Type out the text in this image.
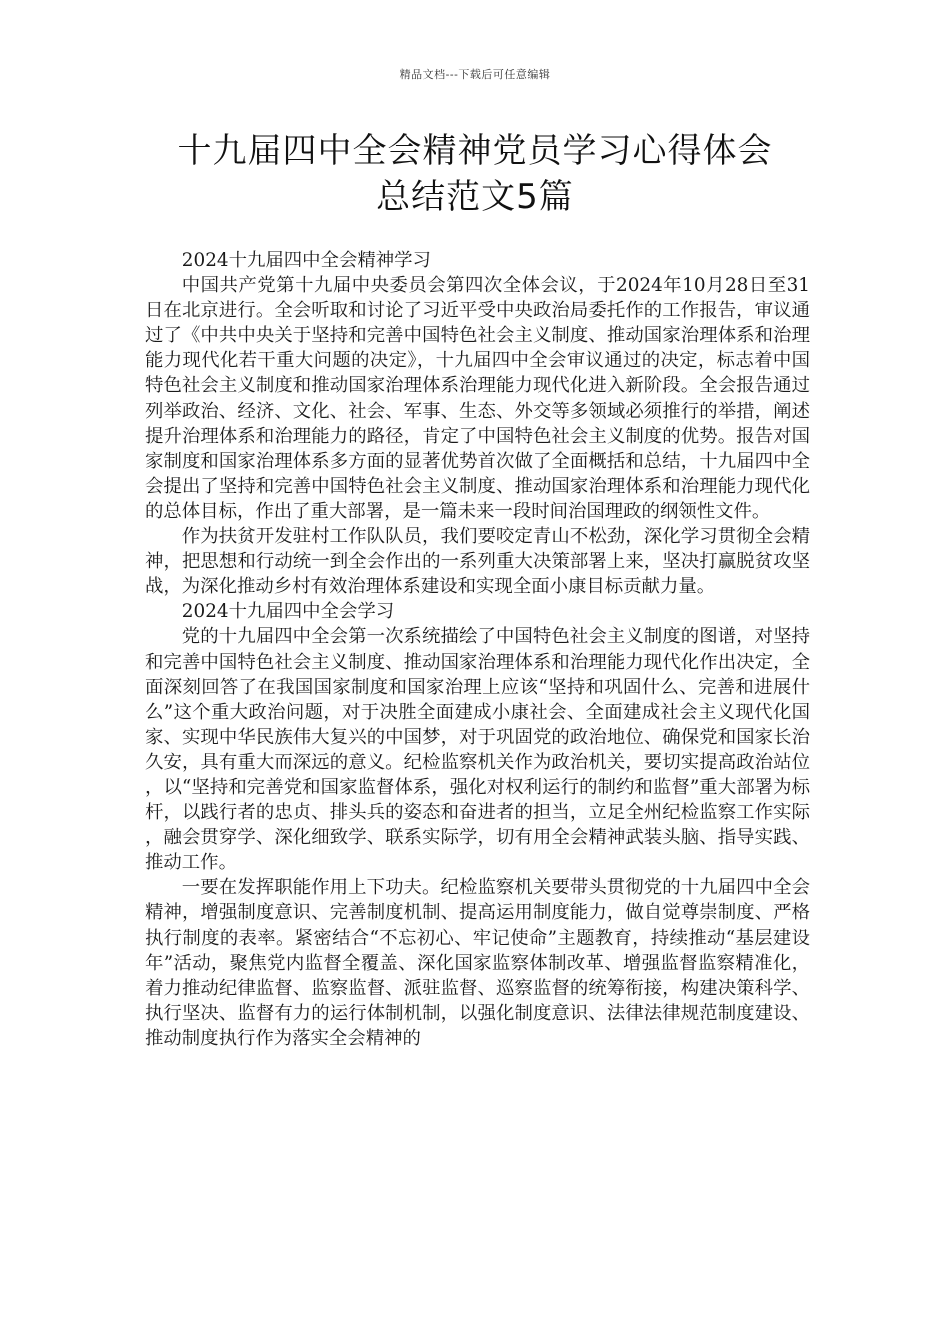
精品文档---下载后可任意编辑
十九届四中全会精神党员学习心得体会
总结范文5篇

2024十九届四中全会精神学习

中国共产党第十九届中央委员会第四次全体会议，于2024年10月28日至31日在北京进行。全会听取和讨论了习近平受中央政治局委托作的工作报告，审议通过了《中共中央关于坚持和完善中国特色社会主义制度、推动国家治理体系和治理能力现代化若干重大问题的决定》，十九届四中全会审议通过的决定，标志着中国特色社会主义制度和推动国家治理体系治理能力现代化进入新阶段。全会报告通过列举政治、经济、文化、社会、军事、生态、外交等多领域必须推行的举措，阐述提升治理体系和治理能力的路径，肯定了中国特色社会主义制度的优势。报告对国家制度和国家治理体系多方面的显著优势首次做了全面概括和总结，十九届四中全会提出了坚持和完善中国特色社会主义制度、推动国家治理体系和治理能力现代化的总体目标，作出了重大部署，是一篇未来一段时间治国理政的纲领性文件。

作为扶贫开发驻村工作队队员，我们要咬定青山不松劲，深化学习贯彻全会精神，把思想和行动统一到全会作出的一系列重大决策部署上来，坚决打赢脱贫攻坚战，为深化推动乡村有效治理体系建设和实现全面小康目标贡献力量。

2024十九届四中全会学习

党的十九届四中全会第一次系统描绘了中国特色社会主义制度的图谱，对坚持和完善中国特色社会主义制度、推动国家治理体系和治理能力现代化作出决定，全面深刻回答了在我国国家制度和国家治理上应该“坚持和巩固什么、完善和进展什么”这个重大政治问题，对于决胜全面建成小康社会、全面建成社会主义现代化国家、实现中华民族伟大复兴的中国梦，对于巩固党的政治地位、确保党和国家长治久安，具有重大而深远的意义。纪检监察机关作为政治机关，要切实提高政治站位，以“坚持和完善党和国家监督体系，强化对权利运行的制约和监督”重大部署为标杆，以践行者的忠贞、排头兵的姿态和奋进者的担当，立足全州纪检监察工作实际，融会贯穿学、深化细致学、联系实际学，切有用全会精神武装头脑、指导实践、推动工作。

一要在发挥职能作用上下功夫。纪检监察机关要带头贯彻党的十九届四中全会精神，增强制度意识、完善制度机制、提高运用制度能力，做自觉尊崇制度、严格执行制度的表率。紧密结合“不忘初心、牢记使命”主题教育，持续推动“基层建设年”活动，聚焦党内监督全覆盖、深化国家监察体制改革、增强监督监察精准化，着力推动纪律监督、监察监督、派驻监督、巡察监督的统筹衔接，构建决策科学、执行坚决、监督有力的运行体制机制，以强化制度意识、法律法律规范制度建设、推动制度执行作为落实全会精神的
